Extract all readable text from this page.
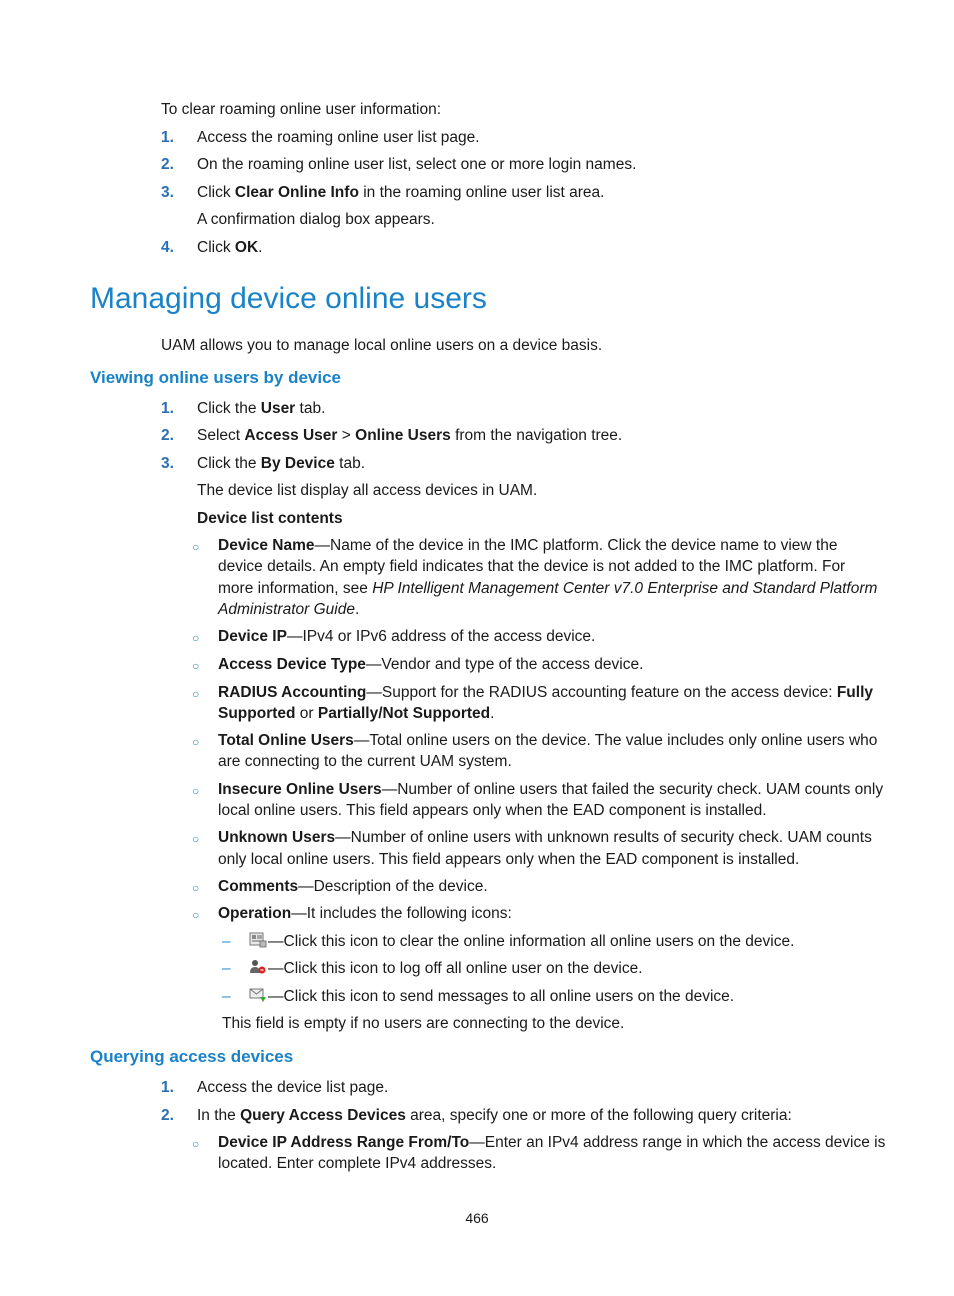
To clear roaming online user information:
1. Access the roaming online user list page.
2. On the roaming online user list, select one or more login names.
3. Click Clear Online Info in the roaming online user list area.
A confirmation dialog box appears.
4. Click OK.
Managing device online users
UAM allows you to manage local online users on a device basis.
Viewing online users by device
1. Click the User tab.
2. Select Access User > Online Users from the navigation tree.
3. Click the By Device tab.
The device list display all access devices in UAM.
Device list contents
○ Device Name—Name of the device in the IMC platform. Click the device name to view the
device details. An empty field indicates that the device is not added to the IMC platform. For
more information, see HP Intelligent Management Center v7.0 Enterprise and Standard Platform
Administrator Guide.
○ Device IP—IPv4 or IPv6 address of the access device.
○ Access Device Type—Vendor and type of the access device.
○ RADIUS Accounting—Support for the RADIUS accounting feature on the access device: Fully
Supported or Partially/Not Supported.
○ Total Online Users—Total online users on the device. The value includes only online users who
are connecting to the current UAM system.
○ Insecure Online Users—Number of online users that failed the security check. UAM counts only
local online users. This field appears only when the EAD component is installed.
○ Unknown Users—Number of online users with unknown results of security check. UAM counts
only local online users. This field appears only when the EAD component is installed.
○ Comments—Description of the device.
○ Operation—It includes the following icons:
–	—Click this icon to clear the online information all online users on the device.
–	—Click this icon to log off all online user on the device.
–	—Click this icon to send messages to all online users on the device.
This field is empty if no users are connecting to the device.
Querying access devices
1. Access the device list page.
2. In the Query Access Devices area, specify one or more of the following query criteria:
○ Device IP Address Range From/To—Enter an IPv4 address range in which the access device is
located. Enter complete IPv4 addresses.
466
